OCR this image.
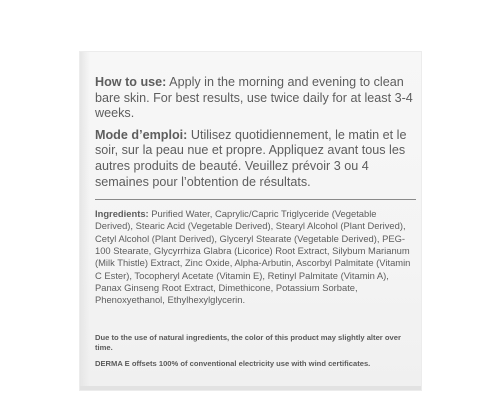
How to use: Apply in the morning and evening to clean bare skin. For best results, use twice daily for at least 3-4 weeks.

Mode d’emploi: Utilisez quotidiennement, le matin et le soir, sur la peau nue et propre. Appliquez avant tous les autres produits de beauté. Veuillez prévoir 3 ou 4 semaines pour l’obtention de résultats.

Ingredients: Purified Water, Caprylic/Capric Triglyceride (Vegetable Derived), Stearic Acid (Vegetable Derived), Stearyl Alcohol (Plant Derived), Cetyl Alcohol (Plant Derived), Glyceryl Stearate (Vegetable Derived), PEG-100 Stearate, Glycyrrhiza Glabra (Licorice) Root Extract, Silybum Marianum (Milk Thistle) Extract, Zinc Oxide, Alpha-Arbutin, Ascorbyl Palmitate (Vitamin C Ester), Tocopheryl Acetate (Vitamin E), Retinyl Palmitate (Vitamin A), Panax Ginseng Root Extract, Dimethicone, Potassium Sorbate, Phenoxyethanol, Ethylhexylglycerin.

Due to the use of natural ingredients, the color of this product may slightly alter over time.

DERMA E offsets 100% of conventional electricity use with wind certificates.
